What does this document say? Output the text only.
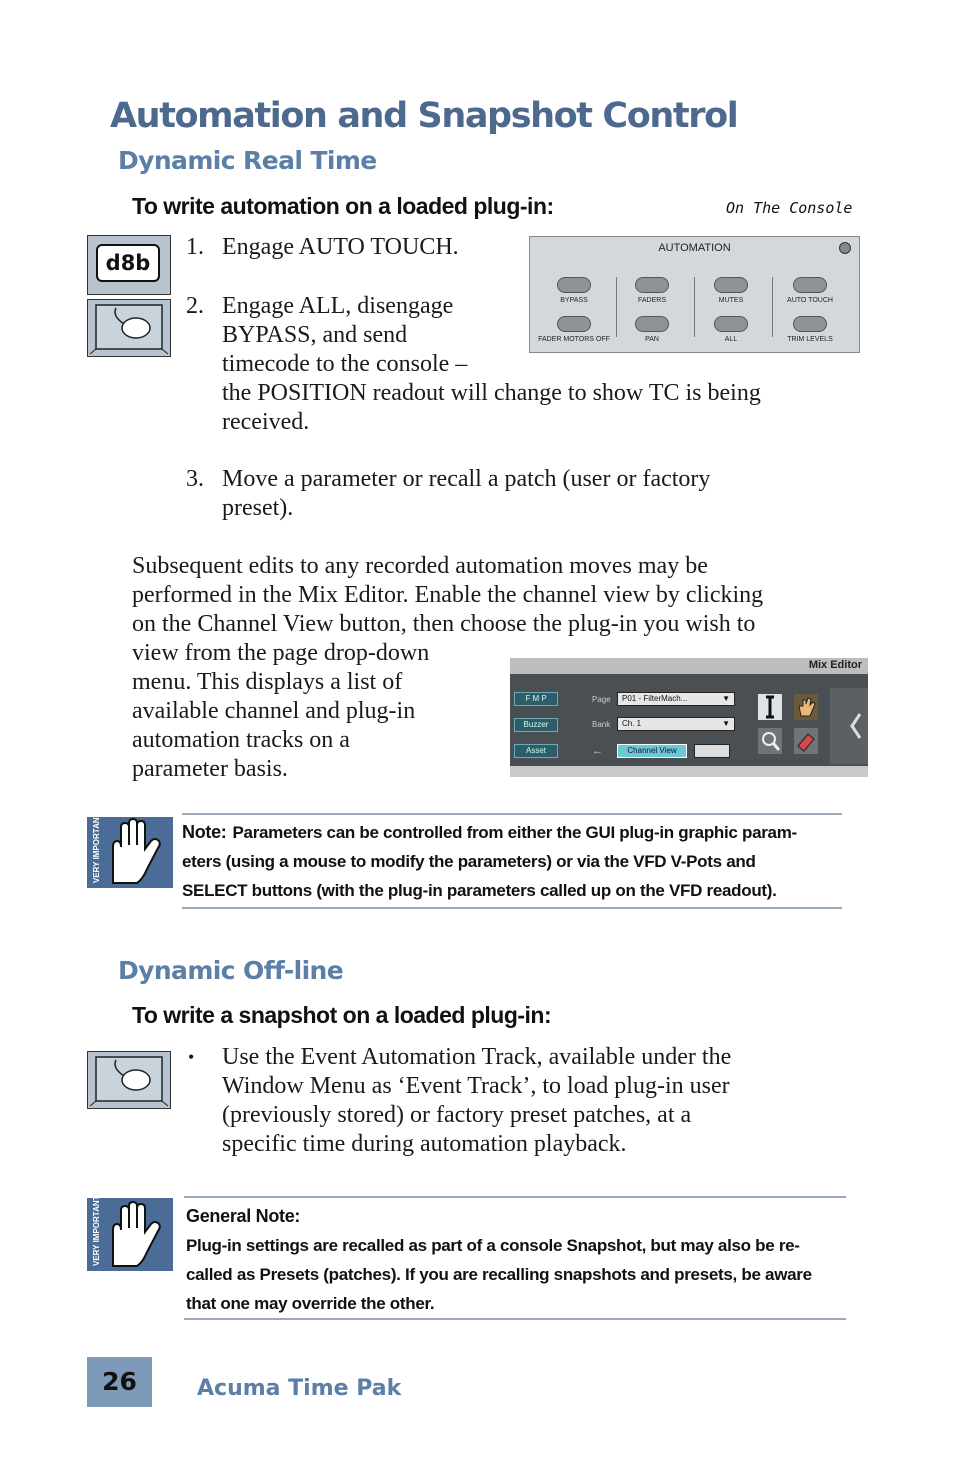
Automation and Snapshot Control
Dynamic Real Time
To write automation on a loaded plug-in:	On The Console
d8b
1. Engage AUTO TOUCH.
2. Engage ALL, disengage
BYPASS, and send
timecode to the console –
the POSITION readout will change to show TC is being
received.
3. Move a parameter or recall a patch (user or factory
preset).
AUTOMATION
BYPASS	FADERS	MUTES	AUTO TOUCH
FADER MOTORS OFF	PAN	ALL	TRIM LEVELS
Subsequent edits to any recorded automation moves may be
performed in the Mix Editor. Enable the channel view by clicking
on the Channel View button, then choose the plug-in you wish to
view from the page drop-down
menu. This displays a list of
available channel and plug-in
automation tracks on a
parameter basis.
Mix Editor
F M P
Buzzer
Asset
Page
Bank
P01 - FilterMach...	▼
Ch. 1	▼
←	Channel View
VERY IMPORTANT	Note: Parameters can be controlled from either the GUI plug-in graphic param-
eters (using a mouse to modify the parameters) or via the VFD V-Pots and
SELECT buttons (with the plug-in parameters called up on the VFD readout).
Dynamic Off-line
To write a snapshot on a loaded plug-in:
• Use the Event Automation Track, available under the
Window Menu as ‘Event Track’, to load plug-in user
(previously stored) or factory preset patches, at a
specific time during automation playback.
VERY IMPORTANT	General Note:
Plug-in settings are recalled as part of a console Snapshot, but may also be re-
called as Presets (patches). If you are recalling snapshots and presets, be aware
that one may override the other.
26	Acuma Time Pak
